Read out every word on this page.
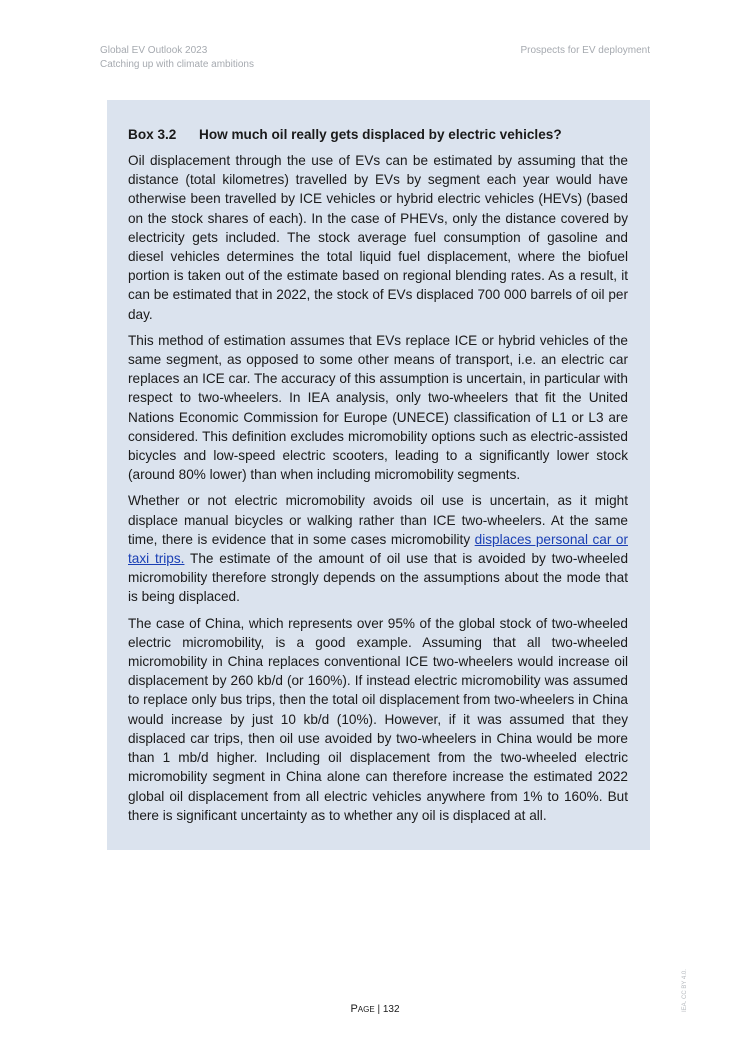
Global EV Outlook 2023
Catching up with climate ambitions
Prospects for EV deployment
Box 3.2 How much oil really gets displaced by electric vehicles?

Oil displacement through the use of EVs can be estimated by assuming that the distance (total kilometres) travelled by EVs by segment each year would have otherwise been travelled by ICE vehicles or hybrid electric vehicles (HEVs) (based on the stock shares of each). In the case of PHEVs, only the distance covered by electricity gets included. The stock average fuel consumption of gasoline and diesel vehicles determines the total liquid fuel displacement, where the biofuel portion is taken out of the estimate based on regional blending rates. As a result, it can be estimated that in 2022, the stock of EVs displaced 700 000 barrels of oil per day.

This method of estimation assumes that EVs replace ICE or hybrid vehicles of the same segment, as opposed to some other means of transport, i.e. an electric car replaces an ICE car. The accuracy of this assumption is uncertain, in particular with respect to two-wheelers. In IEA analysis, only two-wheelers that fit the United Nations Economic Commission for Europe (UNECE) classification of L1 or L3 are considered. This definition excludes micromobility options such as electric-assisted bicycles and low-speed electric scooters, leading to a significantly lower stock (around 80% lower) than when including micromobility segments.

Whether or not electric micromobility avoids oil use is uncertain, as it might displace manual bicycles or walking rather than ICE two-wheelers. At the same time, there is evidence that in some cases micromobility displaces personal car or taxi trips. The estimate of the amount of oil use that is avoided by two-wheeled micromobility therefore strongly depends on the assumptions about the mode that is being displaced.

The case of China, which represents over 95% of the global stock of two-wheeled electric micromobility, is a good example. Assuming that all two-wheeled micromobility in China replaces conventional ICE two-wheelers would increase oil displacement by 260 kb/d (or 160%). If instead electric micromobility was assumed to replace only bus trips, then the total oil displacement from two-wheelers in China would increase by just 10 kb/d (10%). However, if it was assumed that they displaced car trips, then oil use avoided by two-wheelers in China would be more than 1 mb/d higher. Including oil displacement from the two-wheeled electric micromobility segment in China alone can therefore increase the estimated 2022 global oil displacement from all electric vehicles anywhere from 1% to 160%. But there is significant uncertainty as to whether any oil is displaced at all.

Page | 132	IEA. CC BY 4.0.
